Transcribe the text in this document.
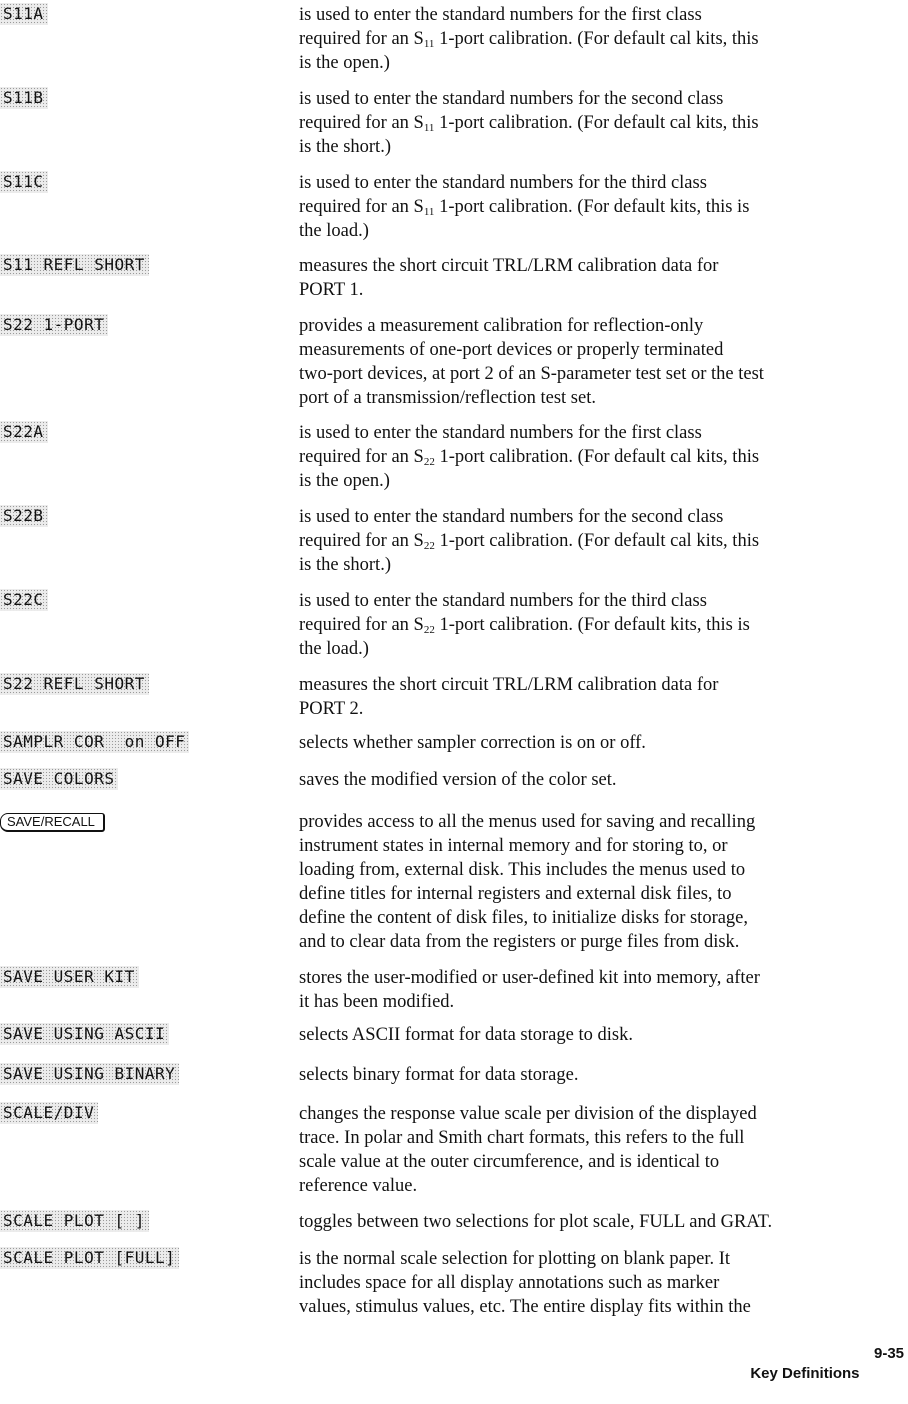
S11A	is used to enter the standard numbers for the first class
required for an $S_{11}$ 1-port calibration. (For default cal kits, this
is the open.)
S11B	is used to enter the standard numbers for the second class
required for an $S_{11}$ 1-port calibration. (For default cal kits, this
is the short.)
S11C	is used to enter the standard numbers for the third class
required for an $S_{11}$ 1-port calibration. (For default kits, this is
the load.)
S11 REFL SHORT	measures the short circuit TRL/LRM calibration data for
PORT 1.
S22 1-PORT	provides a measurement calibration for reflection-only
measurements of one-port devices or properly terminated
two-port devices, at port 2 of an S-parameter test set or the test
port of a transmission/reflection test set.
S22A	is used to enter the standard numbers for the first class
required for an $S_{22}$ 1-port calibration. (For default cal kits, this
is the open.)
S22B	is used to enter the standard numbers for the second class
required for an $S_{22}$ 1-port calibration. (For default cal kits, this
is the short.)
S22C	is used to enter the standard numbers for the third class
required for an $S_{22}$ 1-port calibration. (For default kits, this is
the load.)
S22 REFL SHORT	measures the short circuit TRL/LRM calibration data for
PORT 2.
SAMPLR COR  on OFF	selects whether sampler correction is on or off.
SAVE COLORS	saves the modified version of the color set.
SAVE/RECALL	provides access to all the menus used for saving and recalling
instrument states in internal memory and for storing to, or
loading from, external disk. This includes the menus used to
define titles for internal registers and external disk files, to
define the content of disk files, to initialize disks for storage,
and to clear data from the registers or purge files from disk.
SAVE USER KIT	stores the user-modified or user-defined kit into memory, after
it has been modified.
SAVE USING ASCII	selects ASCII format for data storage to disk.
SAVE USING BINARY	selects binary format for data storage.
SCALE/DIV	changes the response value scale per division of the displayed
trace. In polar and Smith chart formats, this refers to the full
scale value at the outer circumference, and is identical to
reference value.
SCALE PLOT [ ]	toggles between two selections for plot scale, FULL and GRAT.
SCALE PLOT [FULL]	is the normal scale selection for plotting on blank paper. It
includes space for all display annotations such as marker
values, stimulus values, etc. The entire display fits within the

Key Definitions

9-35
